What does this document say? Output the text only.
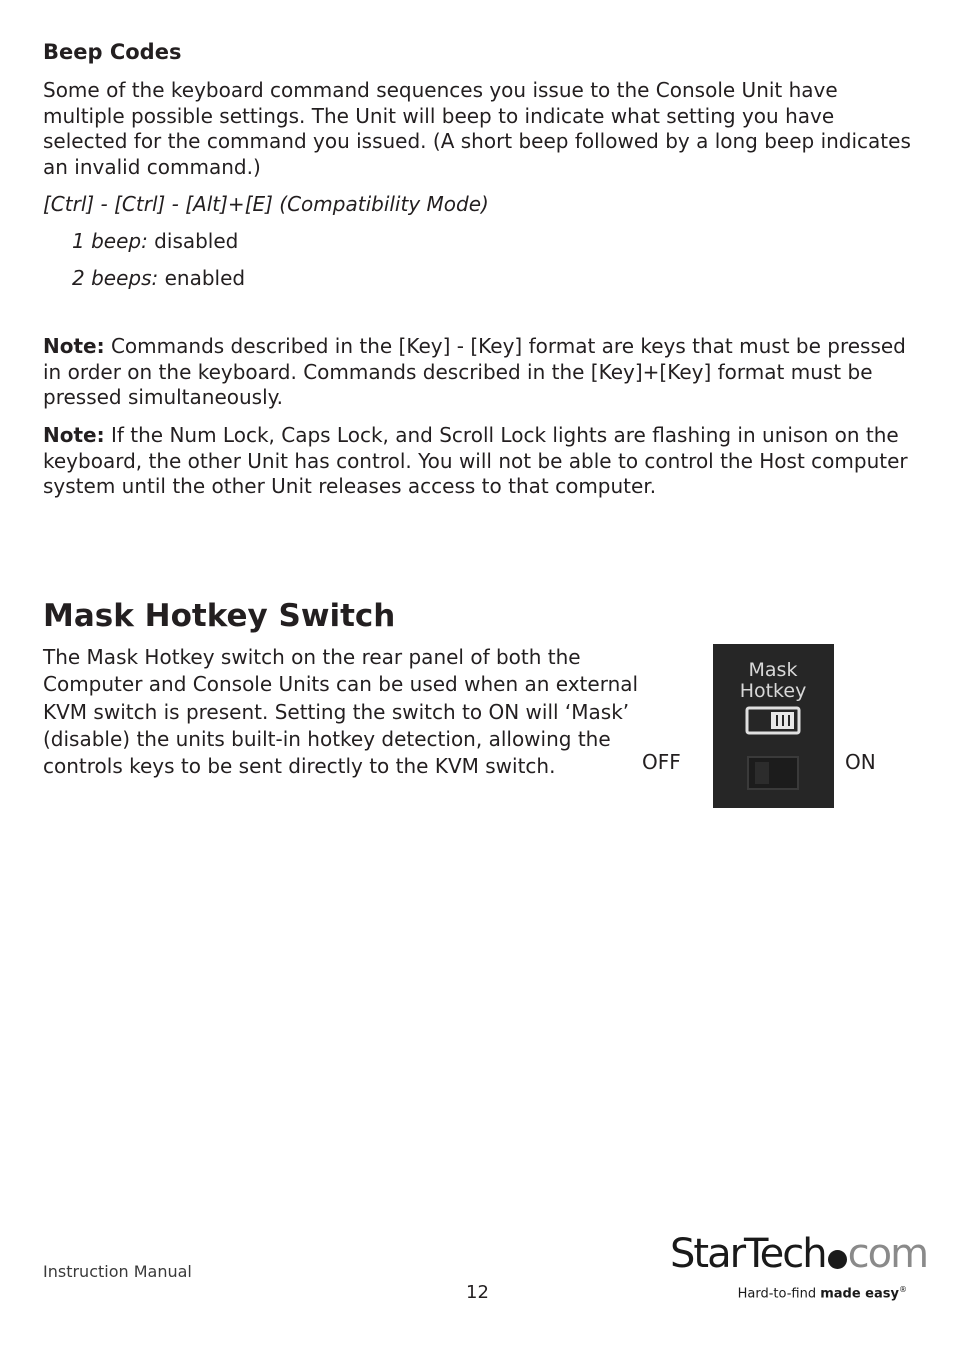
Beep Codes
Some of the keyboard command sequences you issue to the Console Unit have
multiple possible settings. The Unit will beep to indicate what setting you have
selected for the command you issued. (A short beep followed by a long beep indicates
an invalid command.)
[Ctrl] - [Ctrl] - [Alt]+[E] (Compatibility Mode)
1 beep: disabled
2 beeps: enabled
Note: Commands described in the [Key] - [Key] format are keys that must be pressed
in order on the keyboard. Commands described in the [Key]+[Key] format must be
pressed simultaneously.
Note: If the Num Lock, Caps Lock, and Scroll Lock lights are flashing in unison on the
keyboard, the other Unit has control. You will not be able to control the Host computer
system until the other Unit releases access to that computer.
Mask Hotkey Switch
The Mask Hotkey switch on the rear panel of both the
Computer and Console Units can be used when an external
KVM switch is present. Setting the switch to ON will ‘Mask’
(disable) the units built-in hotkey detection, allowing the
controls keys to be sent directly to the KVM switch.	OFF	ON
Mask
Hotkey
Instruction Manual
12
StarTech com
Hard-to-find made easy®
